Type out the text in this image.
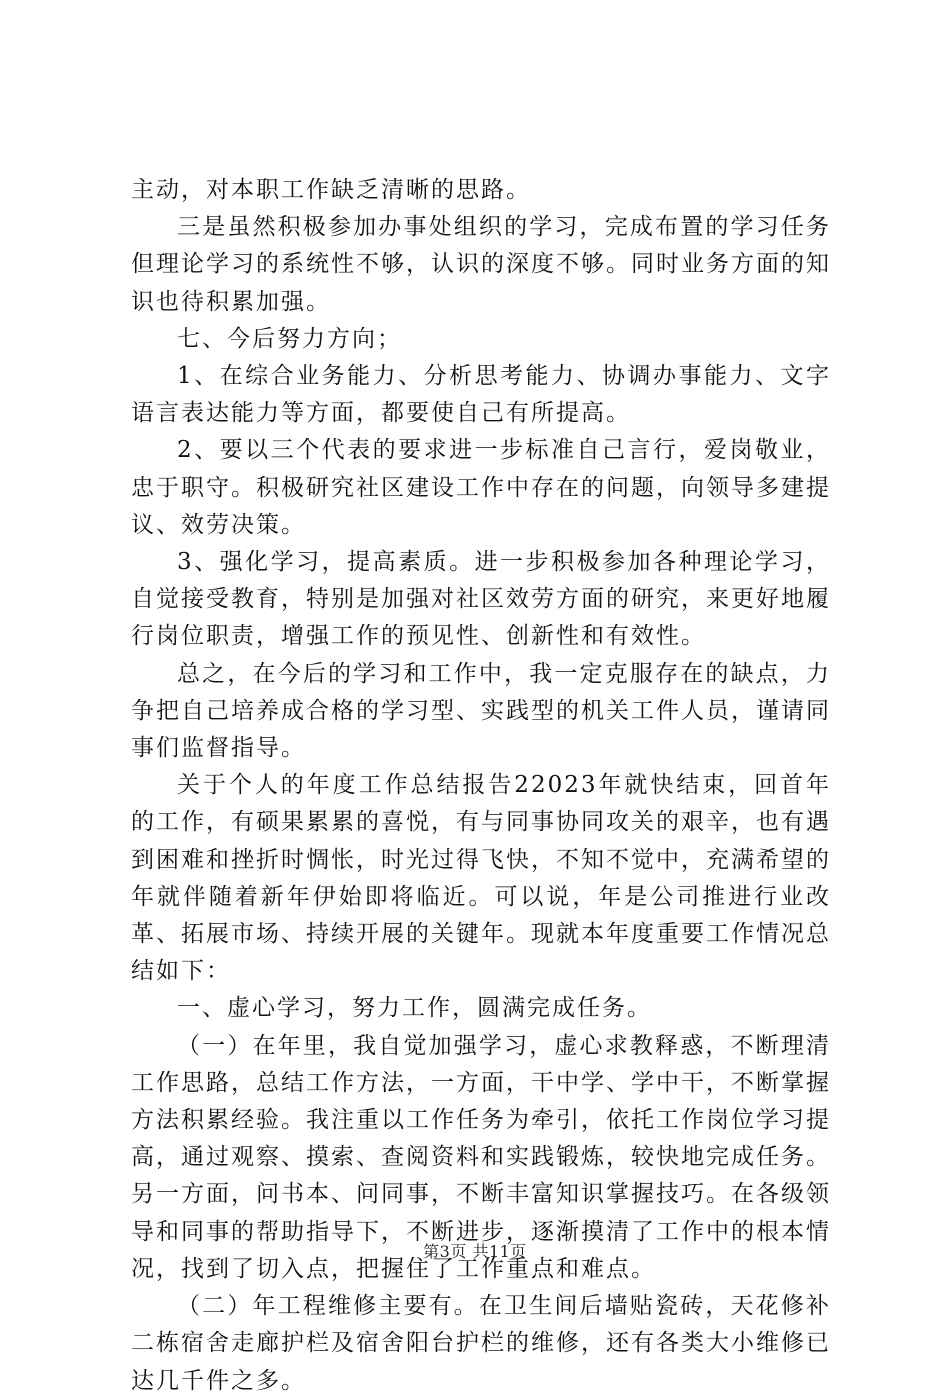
主动，对本职工作缺乏清晰的思路。

三是虽然积极参加办事处组织的学习，完成布置的学习任务但理论学习的系统性不够，认识的深度不够。同时业务方面的知识也待积累加强。

七、今后努力方向；

1、在综合业务能力、分析思考能力、协调办事能力、文字语言表达能力等方面，都要使自己有所提高。

2、要以三个代表的要求进一步标准自己言行，爱岗敬业，忠于职守。积极研究社区建设工作中存在的问题，向领导多建提议、效劳决策。

3、强化学习，提高素质。进一步积极参加各种理论学习，自觉接受教育，特别是加强对社区效劳方面的研究，来更好地履行岗位职责，增强工作的预见性、创新性和有效性。

总之，在今后的学习和工作中，我一定克服存在的缺点，力争把自己培养成合格的学习型、实践型的机关工件人员，谨请同事们监督指导。

关于个人的年度工作总结报告22023年就快结束，回首年的工作，有硕果累累的喜悦，有与同事协同攻关的艰辛，也有遇到困难和挫折时惆怅，时光过得飞快，不知不觉中，充满希望的年就伴随着新年伊始即将临近。可以说，年是公司推进行业改革、拓展市场、持续开展的关键年。现就本年度重要工作情况总结如下：

一、虚心学习，努力工作，圆满完成任务。

（一）在年里，我自觉加强学习，虚心求教释惑，不断理清工作思路，总结工作方法，一方面，干中学、学中干，不断掌握方法积累经验。我注重以工作任务为牵引，依托工作岗位学习提高，通过观察、摸索、查阅资料和实践锻炼，较快地完成任务。另一方面，问书本、问同事，不断丰富知识掌握技巧。在各级领导和同事的帮助指导下，不断进步，逐渐摸清了工作中的根本情况，找到了切入点，把握住了工作重点和难点。

（二）年工程维修主要有。在卫生间后墙贴瓷砖，天花修补二栋宿舍走廊护栏及宿舍阳台护栏的维修，还有各类大小维修已达几千件之多。

第3页 共11页
